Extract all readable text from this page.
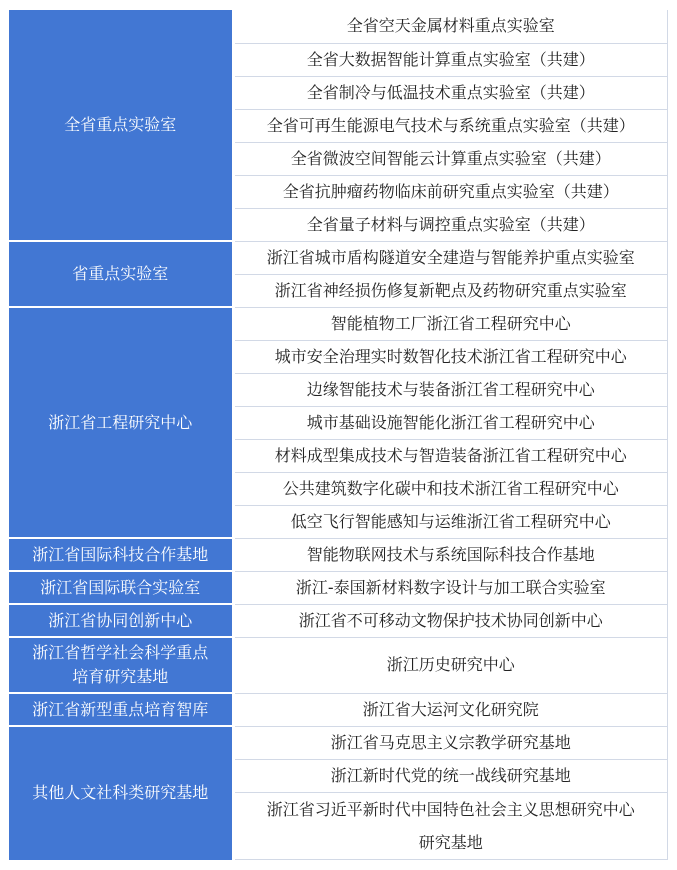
全省重点实验室	全省空天金属材料重点实验室
	全省大数据智能计算重点实验室（共建）
	全省制冷与低温技术重点实验室（共建）
	全省可再生能源电气技术与系统重点实验室（共建）
	全省微波空间智能云计算重点实验室（共建）
	全省抗肿瘤药物临床前研究重点实验室（共建）
	全省量子材料与调控重点实验室（共建）
省重点实验室	浙江省城市盾构隧道安全建造与智能养护重点实验室
	浙江省神经损伤修复新靶点及药物研究重点实验室
浙江省工程研究中心	智能植物工厂浙江省工程研究中心
	城市安全治理实时数智化技术浙江省工程研究中心
	边缘智能技术与装备浙江省工程研究中心
	城市基础设施智能化浙江省工程研究中心
	材料成型集成技术与智造装备浙江省工程研究中心
	公共建筑数字化碳中和技术浙江省工程研究中心
	低空飞行智能感知与运维浙江省工程研究中心
浙江省国际科技合作基地	智能物联网技术与系统国际科技合作基地
浙江省国际联合实验室	浙江-泰国新材料数字设计与加工联合实验室
浙江省协同创新中心	浙江省不可移动文物保护技术协同创新中心

浙江省哲学社会科学重点
培育研究基地	浙江历史研究中心
浙江省新型重点培育智库	浙江省大运河文化研究院
其他人文社科类研究基地	浙江省马克思主义宗教学研究基地
	浙江新时代党的统一战线研究基地

	浙江省习近平新时代中国特色社会主义思想研究中心
研究基地
